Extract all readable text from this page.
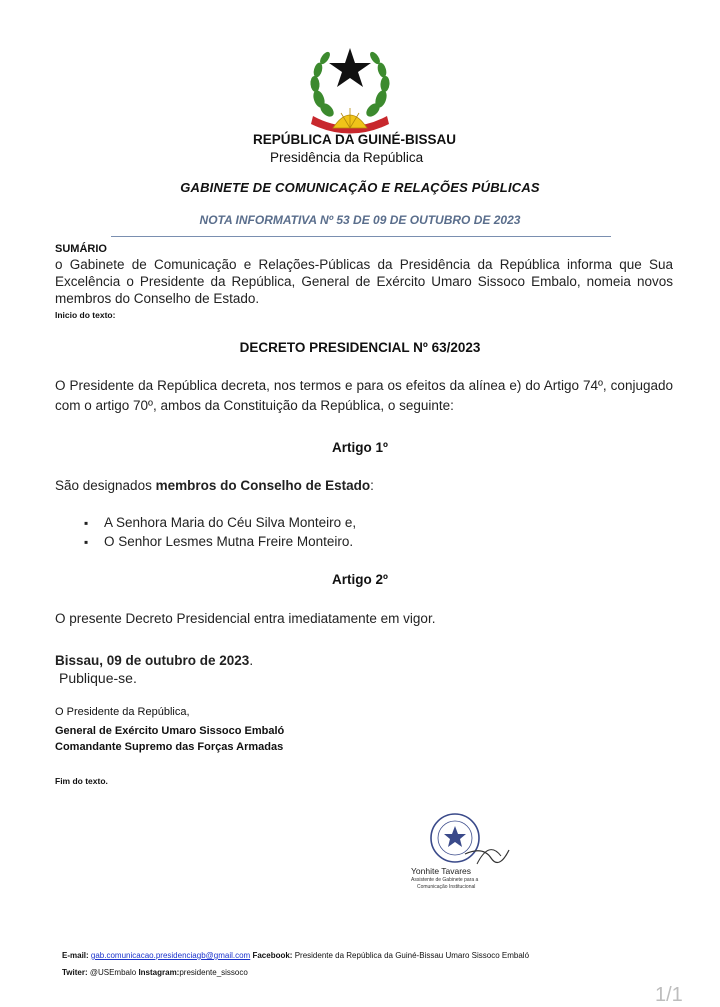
REPÚBLICA DA GUINÉ-BISSAU
Presidência da República
GABINETE DE COMUNICAÇÃO E RELAÇÕES PÚBLICAS
NOTA INFORMATIVA Nº 53 DE 09 DE OUTUBRO DE 2023
SUMÁRIO
o Gabinete de Comunicação e Relações-Públicas da Presidência da República informa que Sua Excelência o Presidente da República, General de Exército Umaro Sissoco Embalo, nomeia novos membros do Conselho de Estado.
Inicio do texto:
DECRETO PRESIDENCIAL Nº 63/2023
O Presidente da República decreta, nos termos e para os efeitos da alínea e) do Artigo 74º, conjugado com o artigo 70º, ambos da Constituição da República, o seguinte:
Artigo 1º
São designados membros do Conselho de Estado:
▪ A Senhora Maria do Céu Silva Monteiro e,
▪ O Senhor Lesmes Mutna Freire Monteiro.
Artigo 2º
O presente Decreto Presidencial entra imediatamente em vigor.
Bissau, 09 de outubro de 2023.
Publique-se.
O Presidente da República,
General de Exército Umaro Sissoco Embaló
Comandante Supremo das Forças Armadas
Fim do texto.
Yonhite Tavares
Assistente de Gabinete para a
Comunicação Institucional
E-mail: gab.comunicacao.presidenciagb@gmail.com Facebook: Presidente da República da Guiné-Bissau Umaro Sissoco Embaló
Twiter: @USEmbalo Instagram:presidente_sissoco
1/1
